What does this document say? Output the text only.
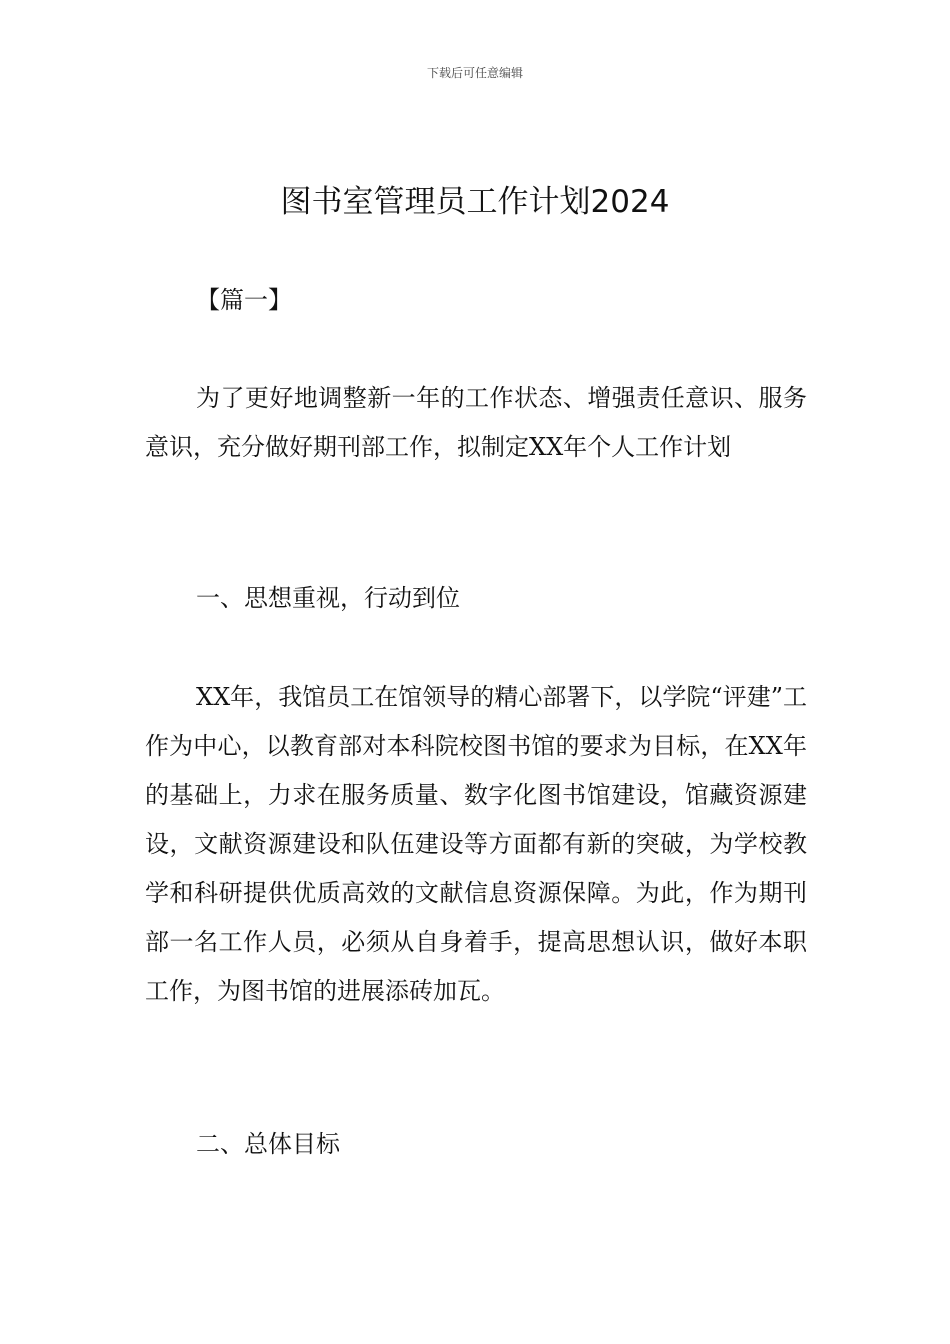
下载后可任意编辑
图书室管理员工作计划2024

【篇一】

为了更好地调整新一年的工作状态、增强责任意识、服务意识，充分做好期刊部工作，拟制定XX年个人工作计划

一、思想重视，行动到位

XX年，我馆员工在馆领导的精心部署下，以学院“评建”工作为中心，以教育部对本科院校图书馆的要求为目标，在XX年的基础上，力求在服务质量、数字化图书馆建设，馆藏资源建设，文献资源建设和队伍建设等方面都有新的突破，为学校教学和科研提供优质高效的文献信息资源保障。为此，作为期刊部一名工作人员，必须从自身着手，提高思想认识，做好本职工作，为图书馆的进展添砖加瓦。

二、总体目标
